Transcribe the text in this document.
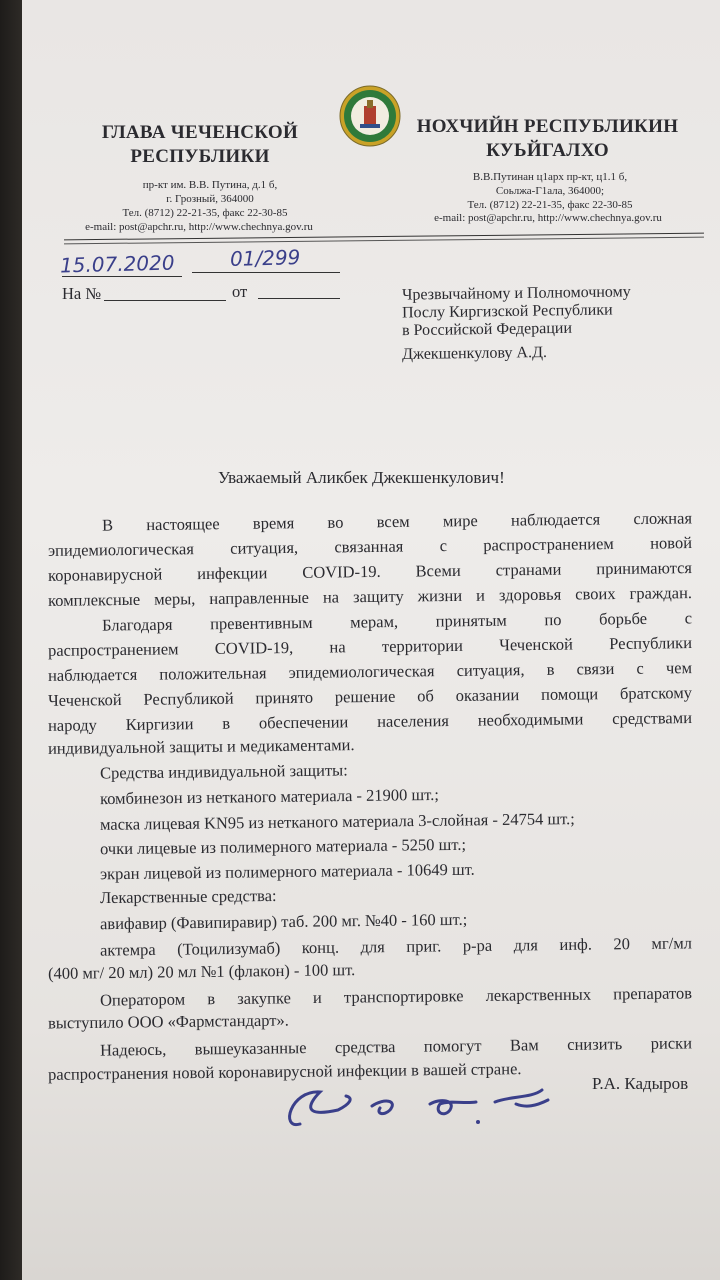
ГЛАВА ЧЕЧЕНСКОЙ
РЕСПУБЛИКИ
пр-кт им. В.В. Путина, д.1 б,
г. Грозный, 364000
Тел. (8712) 22-21-35, факс 22-30-85
e-mail: post@apchr.ru, http://www.chechnya.gov.ru
НОХЧИЙН РЕСПУБЛИКИН
КУЬЙГАЛХО
В.В.Путинан ц1арх пр-кт, ц1.1 б,
Соьлжа-Г1ала, 364000;
Тел. (8712) 22-21-35, факс 22-30-85
e-mail: post@apchr.ru, http://www.chechnya.gov.ru
15.07.2020	01/299
На №	от	Чрезвычайному и Полномочному
Послу Киргизской Республики
в Российской Федерации
Джекшенкулову А.Д.
Уважаемый Аликбек Джекшенкулович!
В настоящее время во всем мире наблюдается сложная
эпидемиологическая ситуация, связанная с распространением новой
коронавирусной инфекции COVID-19. Всеми странами принимаются
комплексные меры, направленные на защиту жизни и здоровья своих граждан.
Благодаря превентивным мерам, принятым по борьбе с
распространением COVID-19, на территории Чеченской Республики
наблюдается положительная эпидемиологическая ситуация, в связи с чем
Чеченской Республикой принято решение об оказании помощи братскому
народу Киргизии в обеспечении населения необходимыми средствами
индивидуальной защиты и медикаментами.
Средства индивидуальной защиты:
комбинезон из нетканого материала - 21900 шт.;
маска лицевая KN95 из нетканого материала 3-слойная - 24754 шт.;
очки лицевые из полимерного материала - 5250 шт.;
экран лицевой из полимерного материала - 10649 шт.
Лекарственные средства:
авифавир (Фавипиравир) таб. 200 мг. №40 - 160 шт.;
актемра (Тоцилизумаб) конц. для приг. р-ра для инф. 20 мг/мл
(400 мг/ 20 мл) 20 мл №1 (флакон) - 100 шт.
Оператором в закупке и транспортировке лекарственных препаратов
выступило ООО «Фармстандарт».
Надеюсь, вышеуказанные средства помогут Вам снизить риски
распространения новой коронавирусной инфекции в вашей стране.	Р.А. Кадыров
